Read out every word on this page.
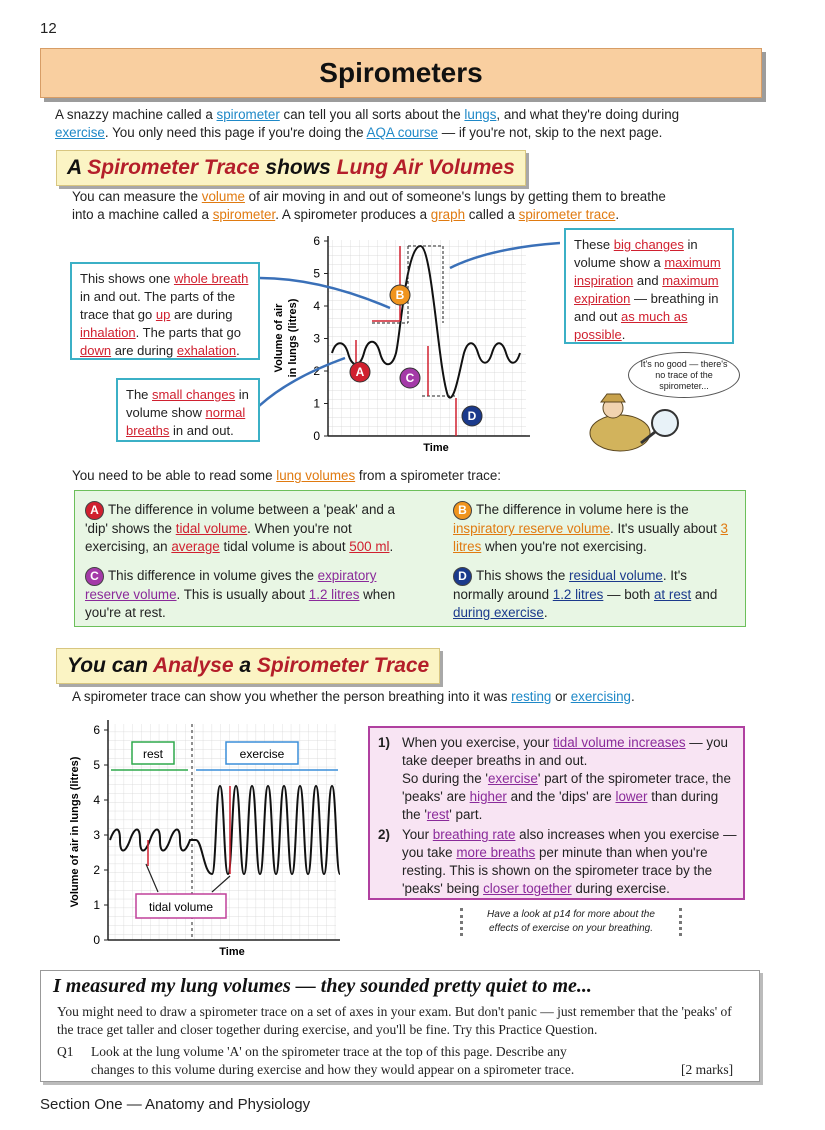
12
Spirometers
A snazzy machine called a spirometer can tell you all sorts about the lungs, and what they're doing during
exercise. You only need this page if you're doing the AQA course — if you're not, skip to the next page.
A Spirometer Trace shows Lung Air Volumes
You can measure the volume of air moving in and out of someone's lungs by getting them to breathe
into a machine called a spirometer. A spirometer produces a graph called a spirometer trace.
0
1
2
3
4
5
6
A
B
C
D
Volume of air in lungs (litres)
Time
This shows one whole breath in and out. The parts of the trace that go up are during inhalation. The parts that go down are during exhalation.
The small changes in volume show normal breaths in and out.
These big changes in volume show a maximum inspiration and maximum expiration — breathing in and out as much as possible.
It's no good — there's no trace of the spirometer...
You need to be able to read some lung volumes from a spirometer trace:
A The difference in volume between a 'peak' and a 'dip' shows the tidal volume. When you're not exercising, an average tidal volume is about 500 ml.
B The difference in volume here is the inspiratory reserve volume. It's usually about 3 litres when you're not exercising.
C This difference in volume gives the expiratory reserve volume. This is usually about 1.2 litres when you're at rest.
D This shows the residual volume. It's normally around 1.2 litres — both at rest and during exercise.
You can Analyse a Spirometer Trace
A spirometer trace can show you whether the person breathing into it was resting or exercising.
0
1
2
3
4
5
6
rest	exercise
tidal volume
Volume of air in lungs (litres)
Time
1) When you exercise, your tidal volume increases — you take deeper breaths in and out.
So during the 'exercise' part of the spirometer trace, the 'peaks' are higher and the 'dips' are lower than during the 'rest' part.
2) Your breathing rate also increases when you exercise — you take more breaths per minute than when you're resting. This is shown on the spirometer trace by the 'peaks' being closer together during exercise.
Have a look at p14 for more about the effects of exercise on your breathing.
I measured my lung volumes — they sounded pretty quiet to me...
You might need to draw a spirometer trace on a set of axes in your exam. But don't panic — just remember that the 'peaks' of the trace get taller and closer together during exercise, and you'll be fine. Try this Practice Question.
Q1 Look at the lung volume 'A' on the spirometer trace at the top of this page. Describe any
changes to this volume during exercise and how they would appear on a spirometer trace.	[2 marks]
Section One — Anatomy and Physiology
